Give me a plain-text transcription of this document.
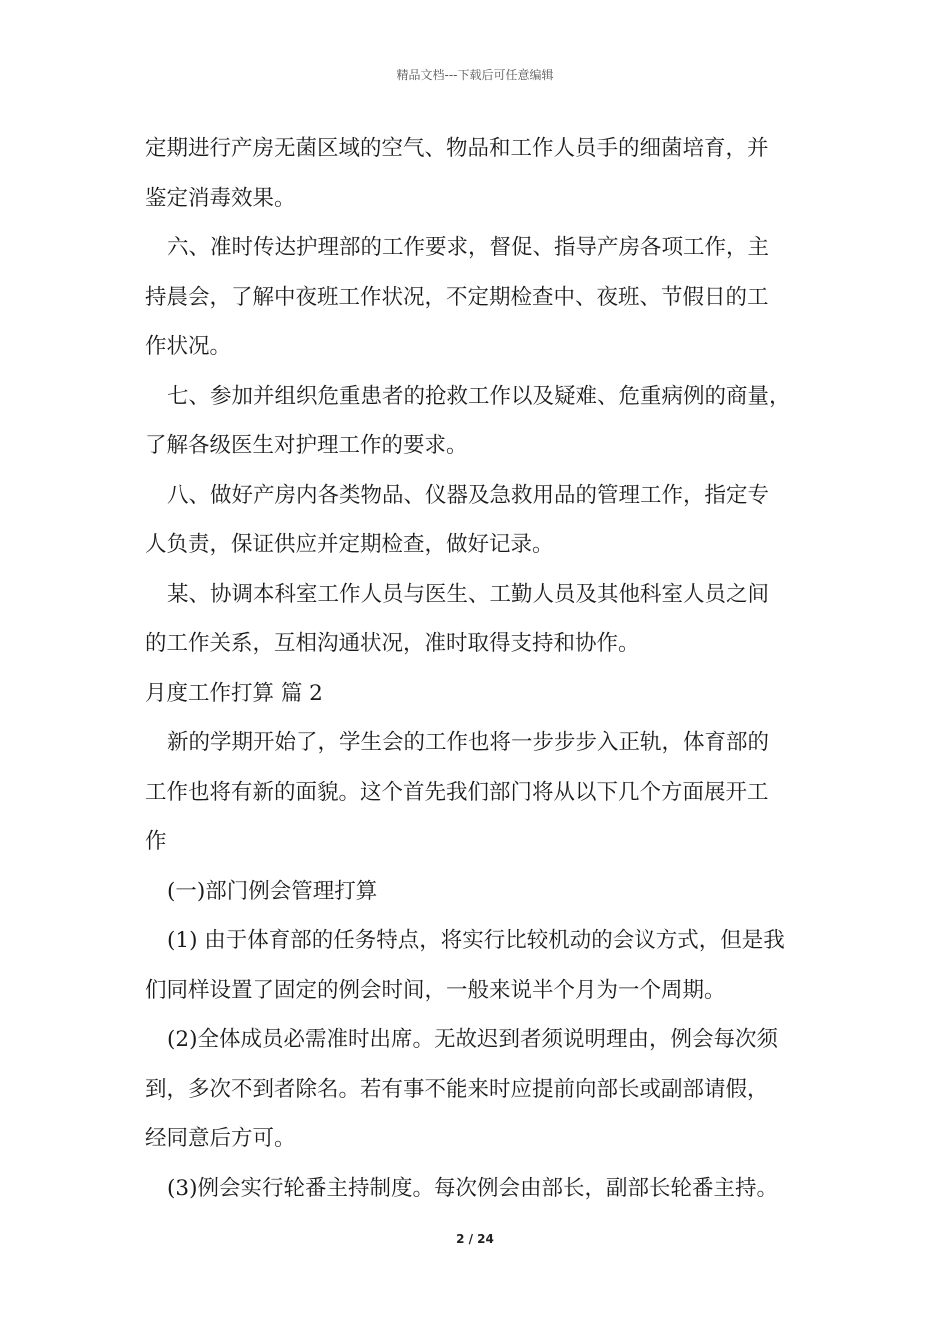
精品文档---下载后可任意编辑
定期进行产房无菌区域的空气、物品和工作人员手的细菌培育，并
鉴定消毒效果。
六、准时传达护理部的工作要求，督促、指导产房各项工作，主
持晨会，了解中夜班工作状况，不定期检查中、夜班、节假日的工
作状况。
七、参加并组织危重患者的抢救工作以及疑难、危重病例的商量，
了解各级医生对护理工作的要求。
八、做好产房内各类物品、仪器及急救用品的管理工作，指定专
人负责，保证供应并定期检查，做好记录。
某、协调本科室工作人员与医生、工勤人员及其他科室人员之间
的工作关系，互相沟通状况，准时取得支持和协作。
月度工作打算 篇 2
新的学期开始了，学生会的工作也将一步步步入正轨，体育部的
工作也将有新的面貌。这个首先我们部门将从以下几个方面展开工
作
(一)部门例会管理打算
(1) 由于体育部的任务特点，将实行比较机动的会议方式，但是我
们同样设置了固定的例会时间，一般来说半个月为一个周期。
(2)全体成员必需准时出席。无故迟到者须说明理由，例会每次须
到，多次不到者除名。若有事不能来时应提前向部长或副部请假，
经同意后方可。
(3)例会实行轮番主持制度。每次例会由部长，副部长轮番主持。
2 / 24
